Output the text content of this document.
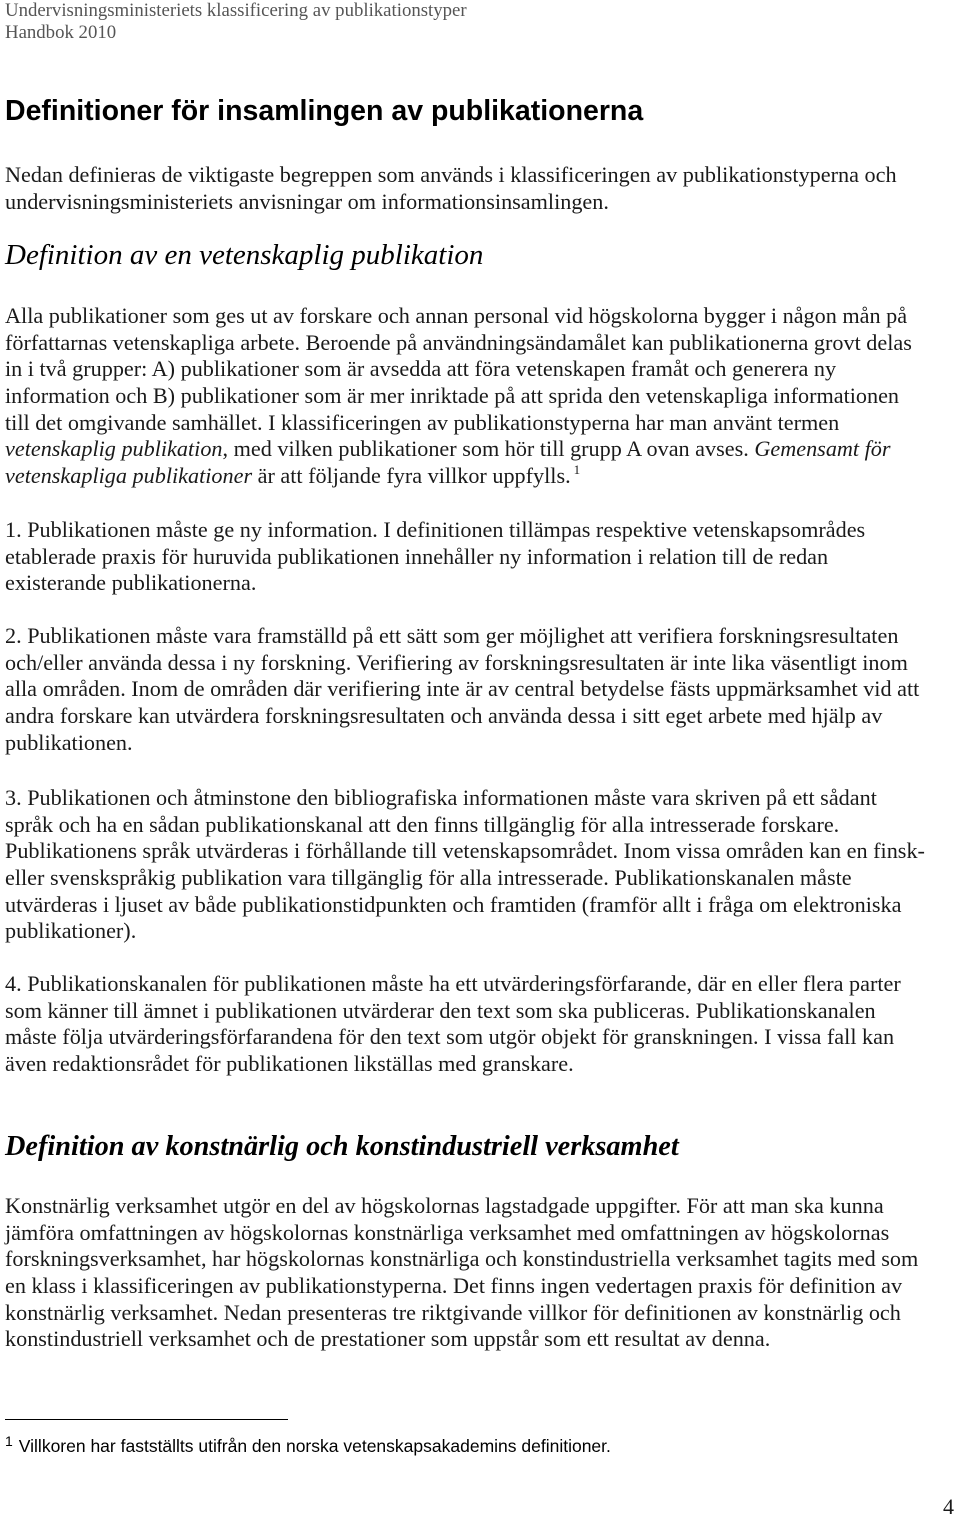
Undervisningsministeriets klassificering av publikationstyper
Handbok 2010
Definitioner för insamlingen av publikationerna
Nedan definieras de viktigaste begreppen som används i klassificeringen av publikationstyperna och
undervisningsministeriets anvisningar om informationsinsamlingen.
Definition av en vetenskaplig publikation
Alla publikationer som ges ut av forskare och annan personal vid högskolorna bygger i någon mån på
författarnas vetenskapliga arbete. Beroende på användningsändamålet kan publikationerna grovt delas
in i två grupper: A) publikationer som är avsedda att föra vetenskapen framåt och generera ny
information och B) publikationer som är mer inriktade på att sprida den vetenskapliga informationen
till det omgivande samhället. I klassificeringen av publikationstyperna har man använt termen
vetenskaplig publikation, med vilken publikationer som hör till grupp A ovan avses. Gemensamt för
vetenskapliga publikationer är att följande fyra villkor uppfylls. $^1$
1. Publikationen måste ge ny information. I definitionen tillämpas respektive vetenskapsområdes
etablerade praxis för huruvida publikationen innehåller ny information i relation till de redan
existerande publikationerna.
2. Publikationen måste vara framställd på ett sätt som ger möjlighet att verifiera forskningsresultaten
och/eller använda dessa i ny forskning. Verifiering av forskningsresultaten är inte lika väsentligt inom
alla områden. Inom de områden där verifiering inte är av central betydelse fästs uppmärksamhet vid att
andra forskare kan utvärdera forskningsresultaten och använda dessa i sitt eget arbete med hjälp av
publikationen.
3. Publikationen och åtminstone den bibliografiska informationen måste vara skriven på ett sådant
språk och ha en sådan publikationskanal att den finns tillgänglig för alla intresserade forskare.
Publikationens språk utvärderas i förhållande till vetenskapsområdet. Inom vissa områden kan en finsk-
eller svenskspråkig publikation vara tillgänglig för alla intresserade. Publikationskanalen måste
utvärderas i ljuset av både publikationstidpunkten och framtiden (framför allt i fråga om elektroniska
publikationer).
4. Publikationskanalen för publikationen måste ha ett utvärderingsförfarande, där en eller flera parter
som känner till ämnet i publikationen utvärderar den text som ska publiceras. Publikationskanalen
måste följa utvärderingsförfarandena för den text som utgör objekt för granskningen. I vissa fall kan
även redaktionsrådet för publikationen likställas med granskare.
Definition av konstnärlig och konstindustriell verksamhet
Konstnärlig verksamhet utgör en del av högskolornas lagstadgade uppgifter. För att man ska kunna
jämföra omfattningen av högskolornas konstnärliga verksamhet med omfattningen av högskolornas
forskningsverksamhet, har högskolornas konstnärliga och konstindustriella verksamhet tagits med som
en klass i klassificeringen av publikationstyperna. Det finns ingen vedertagen praxis för definition av
konstnärlig verksamhet. Nedan presenteras tre riktgivande villkor för definitionen av konstnärlig och
konstindustriell verksamhet och de prestationer som uppstår som ett resultat av denna.
$^1$ Villkoren har fastställts utifrån den norska vetenskapsakademins definitioner.
4
